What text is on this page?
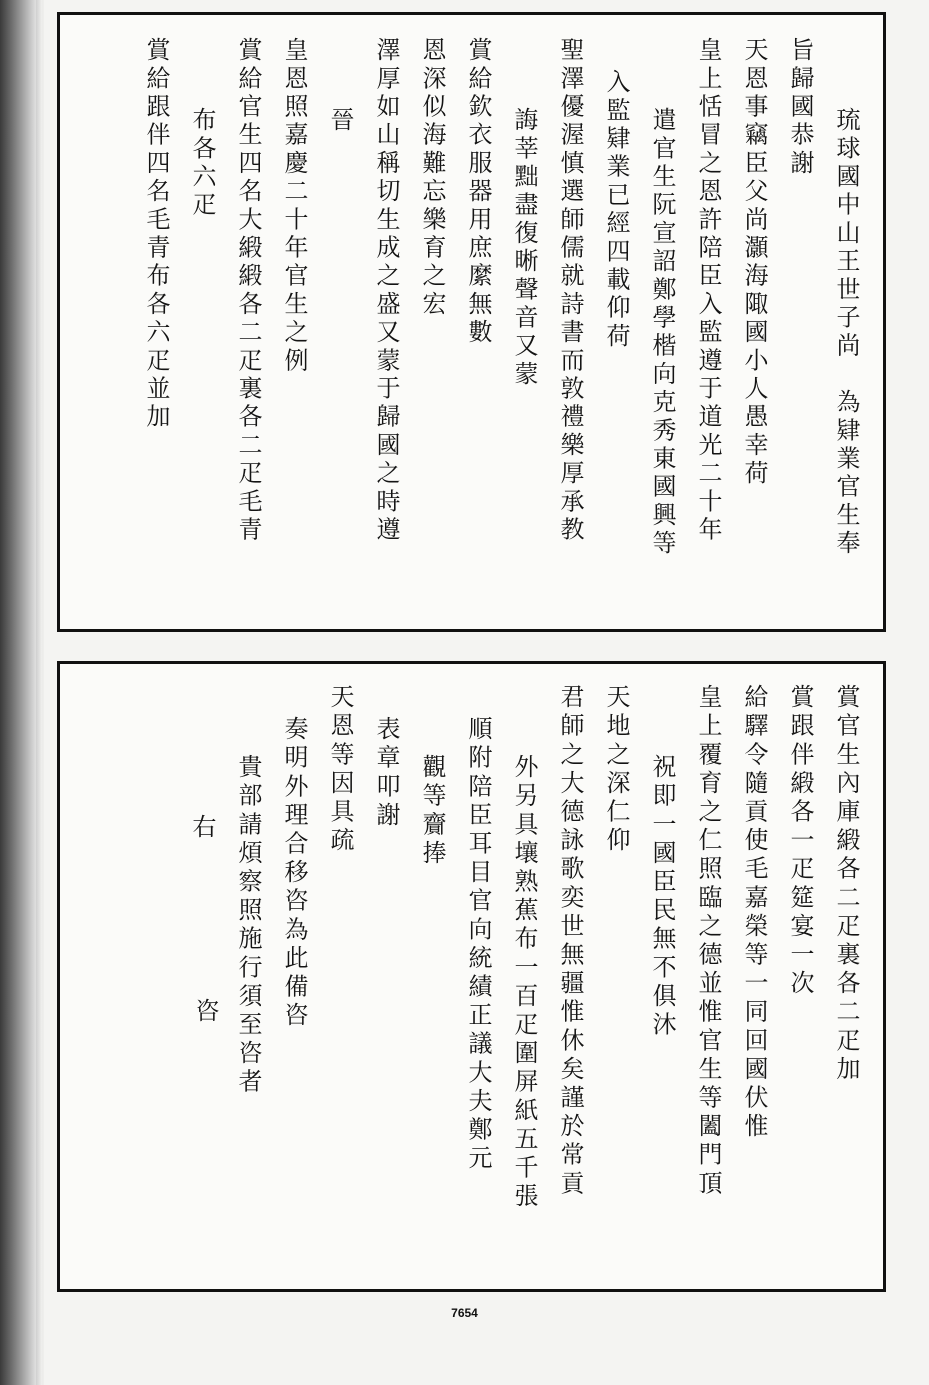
琉球國中山王世子尚　為肄業官生奉
旨歸國恭謝
天恩事竊臣父尚灝海陬國小人愚幸荷
皇上恬冒之恩許陪臣入監遵于道光二十年
遣官生阮宣詔鄭學楷向克秀東國興等
入監肄業已經四載仰荷
聖澤優渥慎選師儒就詩書而敦禮樂厚承教
誨莘黜盡復晰聲音又蒙
賞給欽衣服器用庶縻無數
恩深似海難忘樂育之宏
澤厚如山稱切生成之盛又蒙于歸國之時遵
晉
皇恩照嘉慶二十年官生之例
賞給官生四名大緞緞各二疋裏各二疋毛青
布各六疋
賞給跟伴四名毛青布各六疋並加
賞官生內庫緞各二疋裏各二疋加
賞跟伴緞各一疋筵宴一次
給驛令隨貢使毛嘉榮等一同回國伏惟
皇上覆育之仁照臨之德並惟官生等闔門頂
祝即一國臣民無不俱沐
天地之深仁仰
君師之大德詠歌奕世無疆惟休矣謹於常貢
外另具壤熟蕉布一百疋圍屏紙五千張
順附陪臣耳目官向統績正議大夫鄭元
觀等齎捧
表章叩謝
天恩等因具疏
奏明外理合移咨為此備咨
貴部請煩察照施行須至咨者
右
咨
7654
